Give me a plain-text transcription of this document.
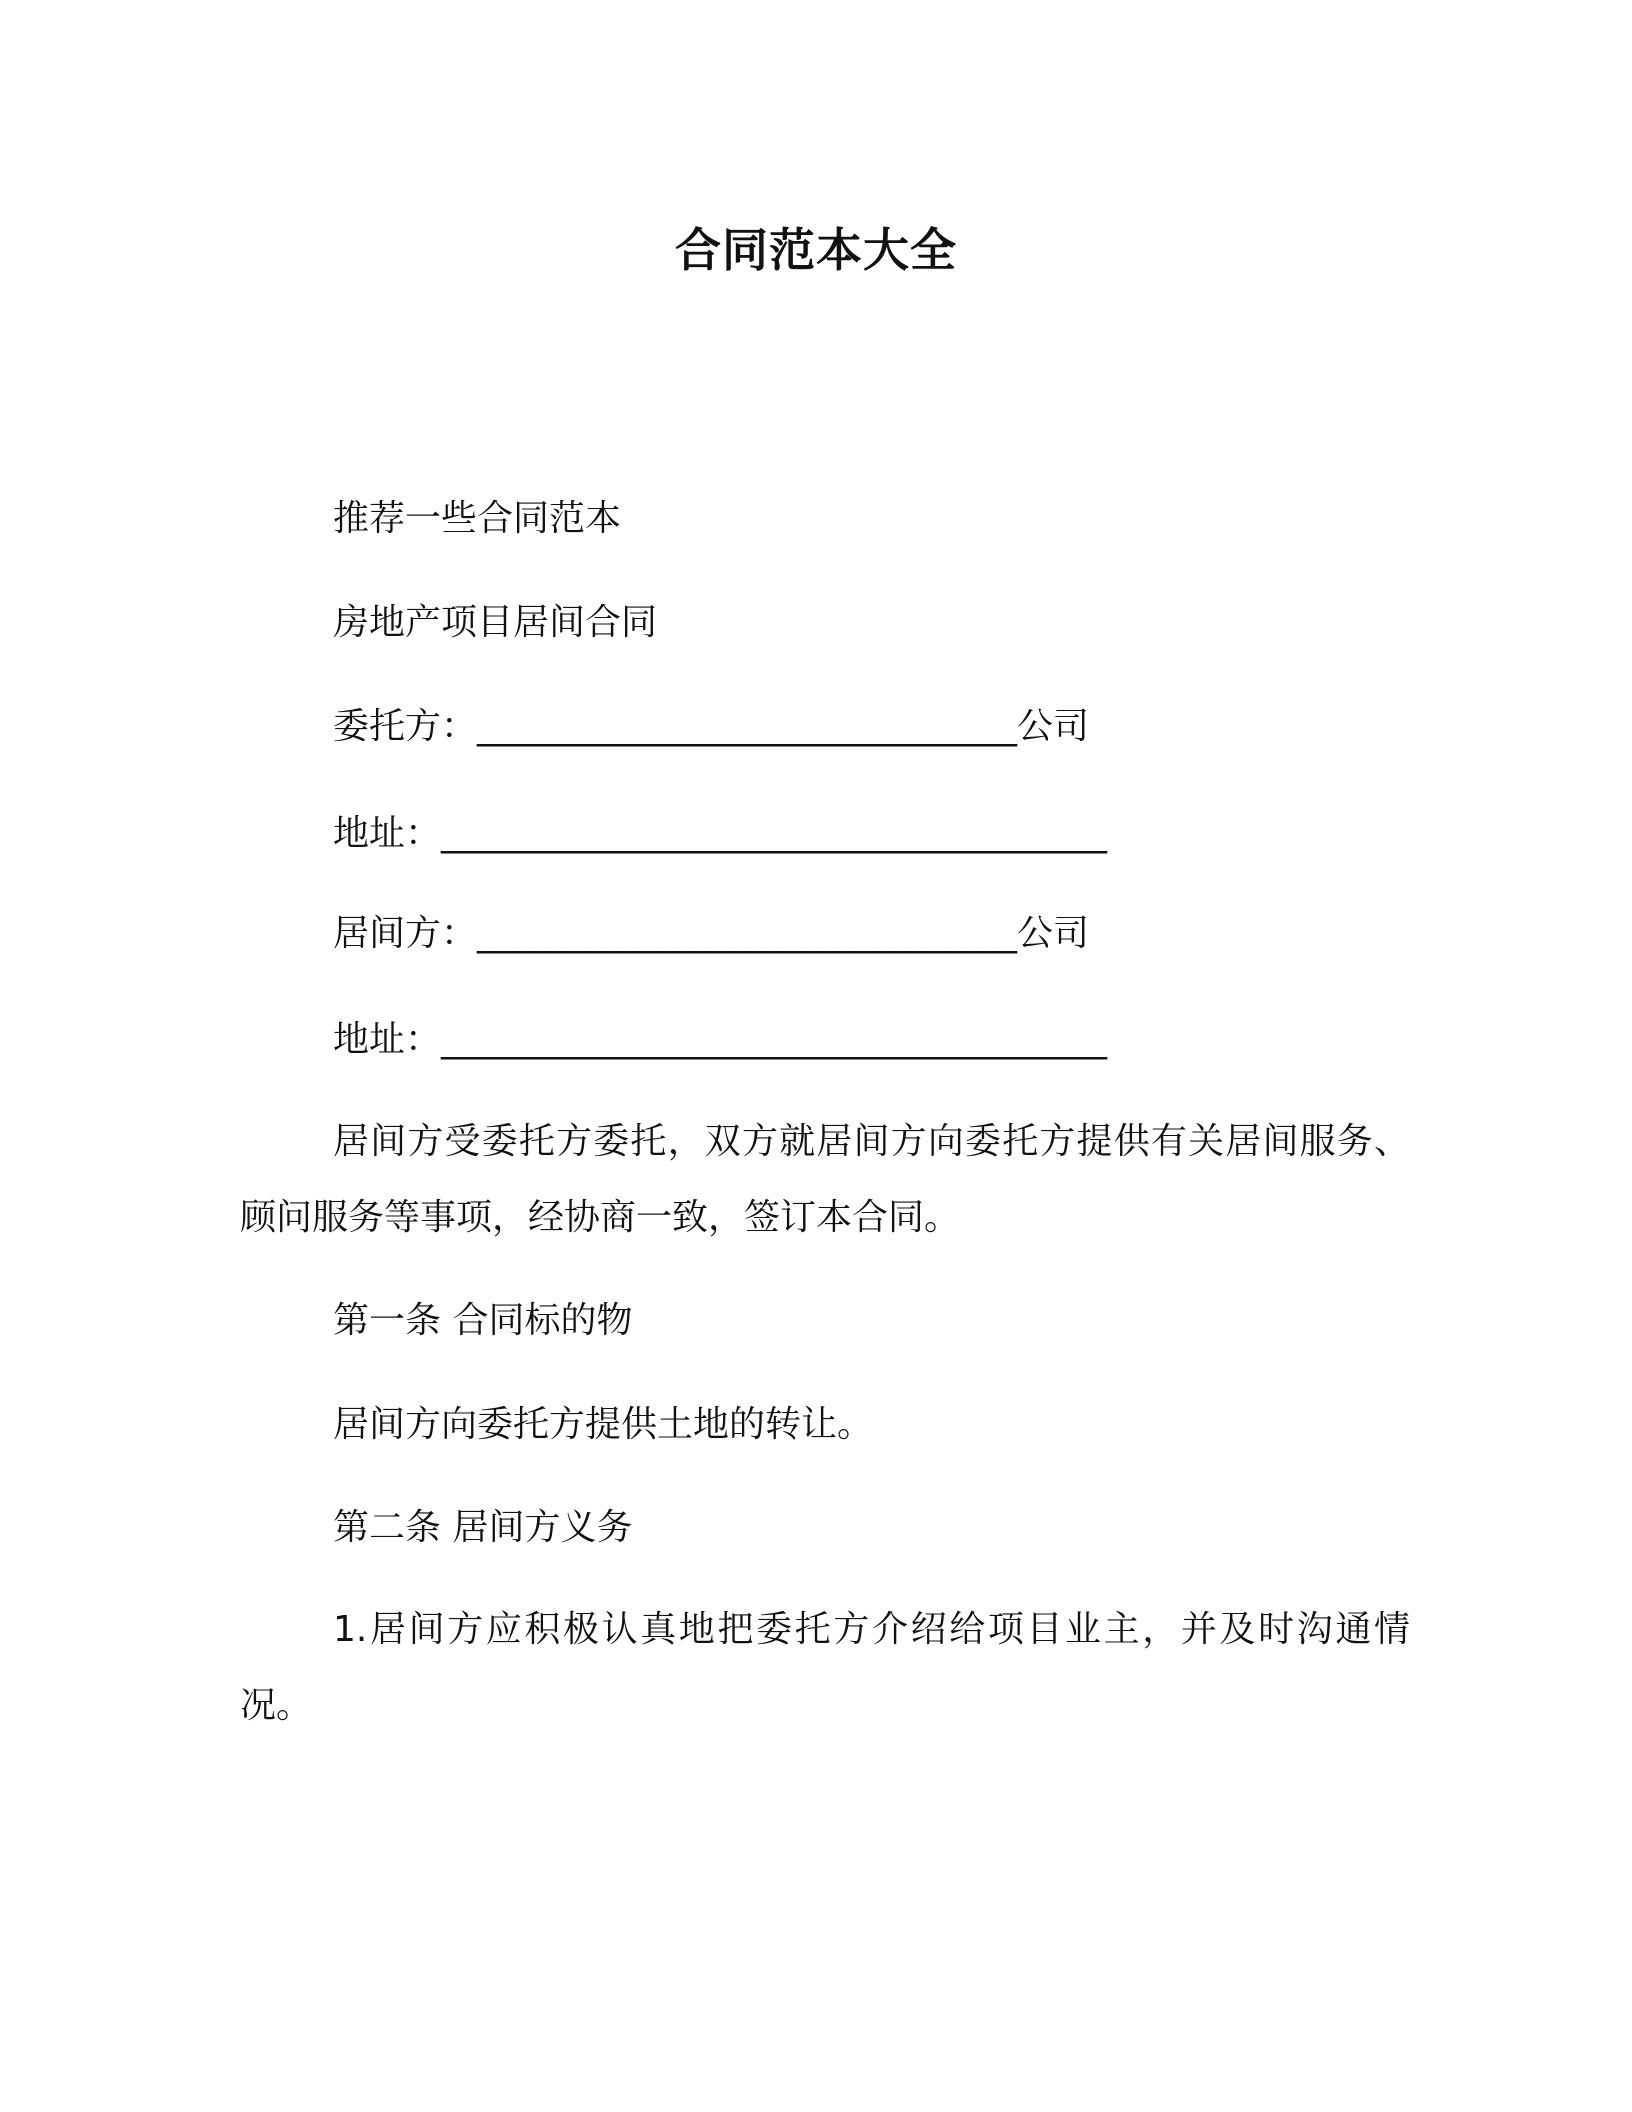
合同范本大全
推荐一些合同范本
房地产项目居间合同
委托方：______________________________公司
地址：_____________________________________
居间方：______________________________公司
地址：_____________________________________

居间方受委托方委托，双方就居间方向委托方提供有关居间服务、顾问服务等事项，经协商一致，签订本合同。

第一条 合同标的物
居间方向委托方提供土地的转让。
第二条 居间方义务

1.居间方应积极认真地把委托方介绍给项目业主，并及时沟通情况。
